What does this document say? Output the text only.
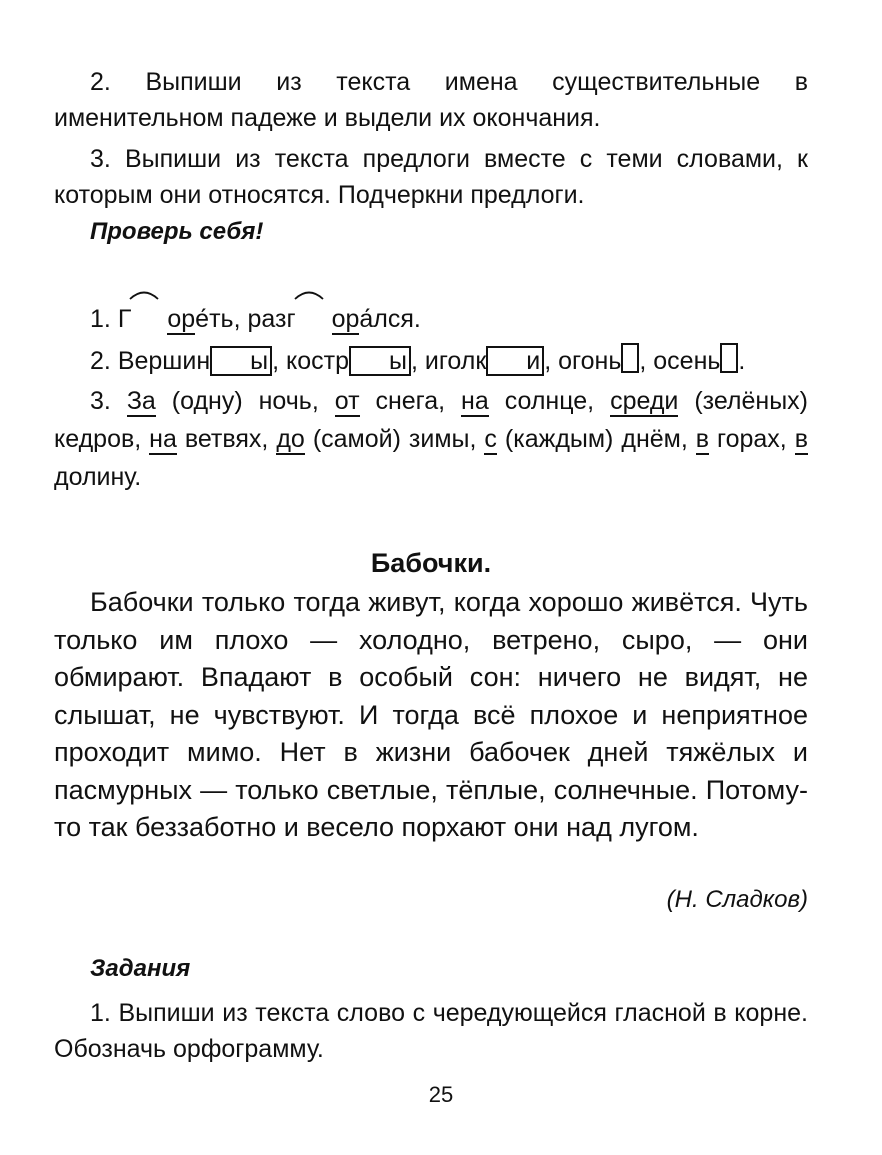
2. Выпиши из текста имена существительные в именительном падеже и выдели их окончания.

3. Выпиши из текста предлоги вместе с теми словами, к которым они относятся. Подчеркни предлоги.

Проверь себя!

1. Г оре́ть, разг ора́лся.

2. Вершин ы , костр ы , иголк и , огонь , осень .

3. За (одну) ночь, от снега, на солнце, среди (зелёных) кедров, на ветвях, до (самой) зимы, с (каждым) днём, в горах, в долину.

Бабочки.

Бабочки только тогда живут, когда хорошо живётся. Чуть только им плохо — холодно, ветрено, сыро, — они обмирают. Впадают в особый сон: ничего не видят, не слышат, не чувствуют. И тогда всё плохое и неприятное проходит мимо. Нет в жизни бабочек дней тяжёлых и пасмурных — только светлые, тёплые, солнечные. Потому-то так беззаботно и весело порхают они над лугом.

(Н. Сладков)
Задания

1. Выпиши из текста слово с чередующейся гласной в корне. Обозначь орфограмму.

25
